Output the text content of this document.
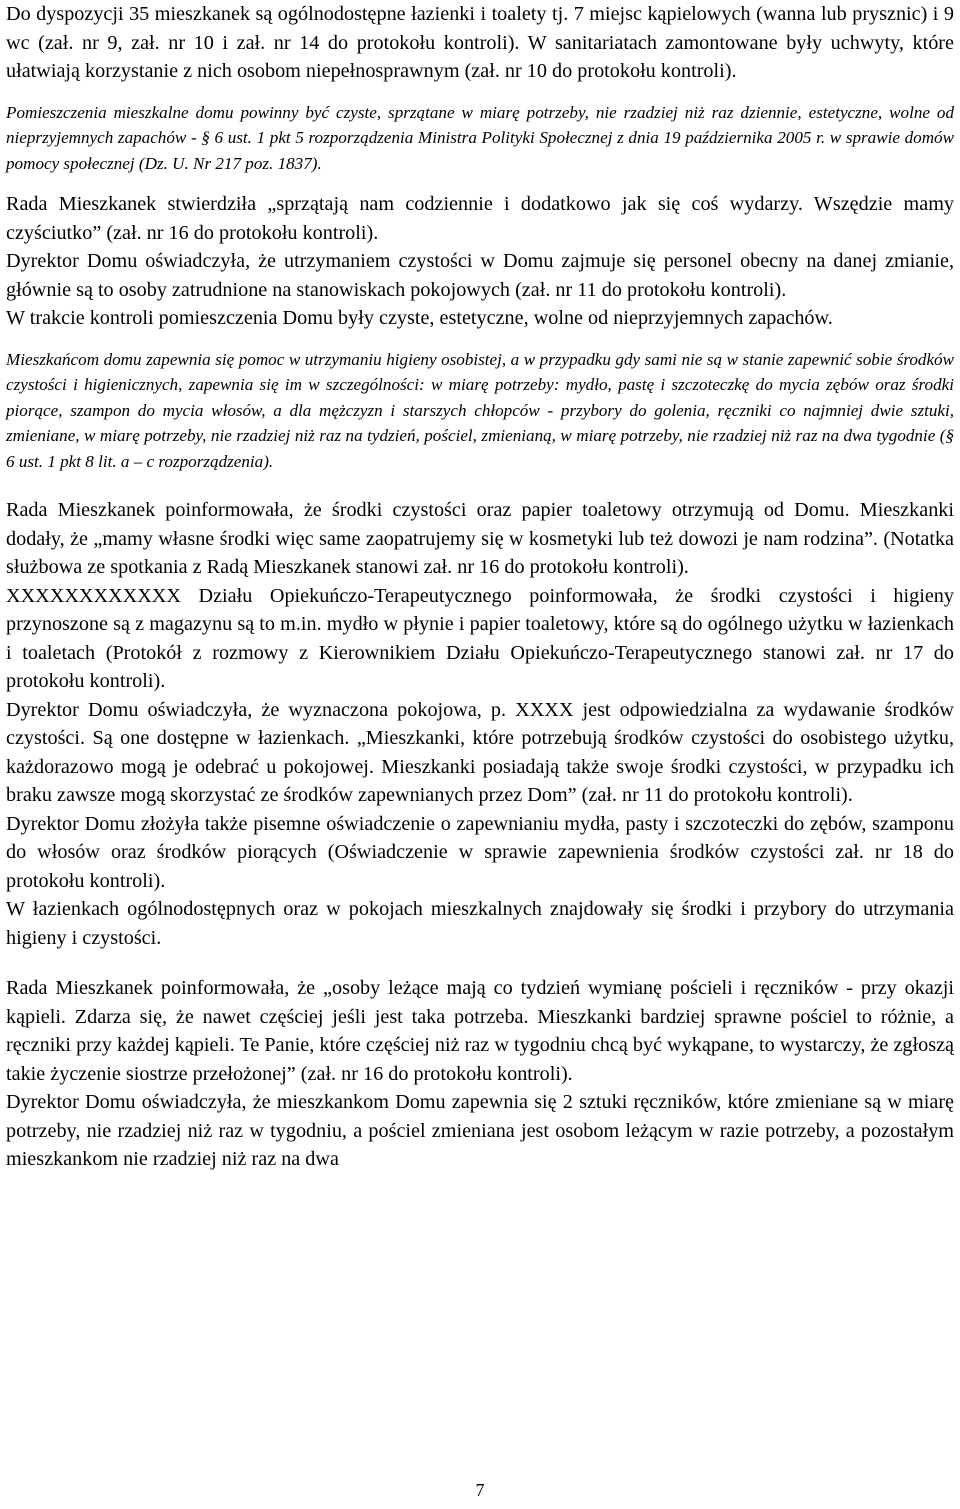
Do dyspozycji 35 mieszkanek są ogólnodostępne łazienki i toalety tj. 7 miejsc kąpielowych (wanna lub prysznic) i 9 wc (zał. nr 9, zał. nr 10 i zał. nr 14 do protokołu kontroli). W sanitariatach zamontowane były uchwyty, które ułatwiają korzystanie z nich osobom niepełnosprawnym (zał. nr 10 do protokołu kontroli).

Pomieszczenia mieszkalne domu powinny być czyste, sprzątane w miarę potrzeby, nie rzadziej niż raz dziennie, estetyczne, wolne od nieprzyjemnych zapachów - § 6 ust. 1 pkt 5 rozporządzenia Ministra Polityki Społecznej z dnia 19 października 2005 r. w sprawie domów pomocy społecznej (Dz. U. Nr 217 poz. 1837).

Rada Mieszkanek stwierdziła „sprzątają nam codziennie i dodatkowo jak się coś wydarzy. Wszędzie mamy czyściutko” (zał. nr 16 do protokołu kontroli).

Dyrektor Domu oświadczyła, że utrzymaniem czystości w Domu zajmuje się personel obecny na danej zmianie, głównie są to osoby zatrudnione na stanowiskach pokojowych (zał. nr 11 do protokołu kontroli).

W trakcie kontroli pomieszczenia Domu były czyste, estetyczne, wolne od nieprzyjemnych zapachów.

Mieszkańcom domu zapewnia się pomoc w utrzymaniu higieny osobistej, a w przypadku gdy sami nie są w stanie zapewnić sobie środków czystości i higienicznych, zapewnia się im w szczególności: w miarę potrzeby: mydło, pastę i szczoteczkę do mycia zębów oraz środki piorące, szampon do mycia włosów, a dla mężczyzn i starszych chłopców - przybory do golenia, ręczniki co najmniej dwie sztuki, zmieniane, w miarę potrzeby, nie rzadziej niż raz na tydzień, pościel, zmienianą, w miarę potrzeby, nie rzadziej niż raz na dwa tygodnie (§ 6 ust. 1 pkt 8 lit. a – c rozporządzenia).

Rada Mieszkanek poinformowała, że środki czystości oraz papier toaletowy otrzymują od Domu. Mieszkanki dodały, że „mamy własne środki więc same zaopatrujemy się w kosmetyki lub też dowozi je nam rodzina”. (Notatka służbowa ze spotkania z Radą Mieszkanek stanowi zał. nr 16 do protokołu kontroli).

XXXXXXXXXXXX Działu Opiekuńczo-Terapeutycznego poinformowała, że środki czystości i higieny przynoszone są z magazynu są to m.in. mydło w płynie i papier toaletowy, które są do ogólnego użytku w łazienkach i toaletach (Protokół z rozmowy z Kierownikiem Działu Opiekuńczo-Terapeutycznego stanowi zał. nr 17 do protokołu kontroli).

Dyrektor Domu oświadczyła, że wyznaczona pokojowa, p. XXXX jest odpowiedzialna za wydawanie środków czystości. Są one dostępne w łazienkach. „Mieszkanki, które potrzebują środków czystości do osobistego użytku, każdorazowo mogą je odebrać u pokojowej. Mieszkanki posiadają także swoje środki czystości, w przypadku ich braku zawsze mogą skorzystać ze środków zapewnianych przez Dom” (zał. nr 11 do protokołu kontroli).

Dyrektor Domu złożyła także pisemne oświadczenie o zapewnianiu mydła, pasty i szczoteczki do zębów, szamponu do włosów oraz środków piorących (Oświadczenie w sprawie zapewnienia środków czystości zał. nr 18 do protokołu kontroli).

W łazienkach ogólnodostępnych oraz w pokojach mieszkalnych znajdowały się środki i przybory do utrzymania higieny i czystości.

Rada Mieszkanek poinformowała, że „osoby leżące mają co tydzień wymianę pościeli i ręczników - przy okazji kąpieli. Zdarza się, że nawet częściej jeśli jest taka potrzeba. Mieszkanki bardziej sprawne pościel to różnie, a ręczniki przy każdej kąpieli. Te Panie, które częściej niż raz w tygodniu chcą być wykąpane, to wystarczy, że zgłoszą takie życzenie siostrze przełożonej” (zał. nr 16 do protokołu kontroli).

Dyrektor Domu oświadczyła, że mieszkankom Domu zapewnia się 2 sztuki ręczników, które zmieniane są w miarę potrzeby, nie rzadziej niż raz w tygodniu, a pościel zmieniana jest osobom leżącym w razie potrzeby, a pozostałym mieszkankom nie rzadziej niż raz na dwa

7
